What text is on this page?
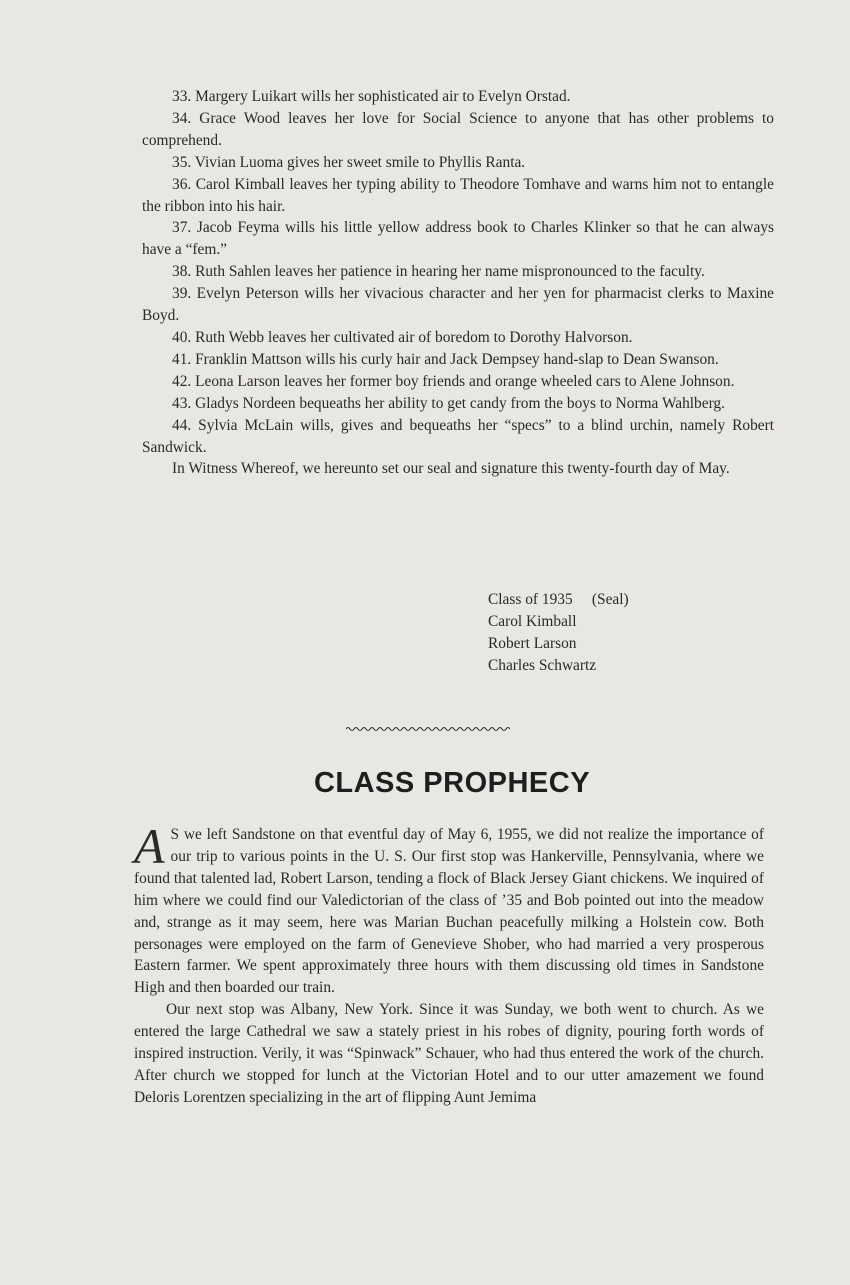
33. Margery Luikart wills her sophisticated air to Evelyn Orstad.

34. Grace Wood leaves her love for Social Science to anyone that has other problems to comprehend.

35. Vivian Luoma gives her sweet smile to Phyllis Ranta.

36. Carol Kimball leaves her typing ability to Theodore Tomhave and warns him not to entangle the ribbon into his hair.

37. Jacob Feyma wills his little yellow address book to Charles Klinker so that he can always have a “fem.”

38. Ruth Sahlen leaves her patience in hearing her name mispronounced to the faculty.

39. Evelyn Peterson wills her vivacious character and her yen for pharmacist clerks to Maxine Boyd.

40. Ruth Webb leaves her cultivated air of boredom to Dorothy Halvorson.

41. Franklin Mattson wills his curly hair and Jack Dempsey hand-slap to Dean Swanson.

42. Leona Larson leaves her former boy friends and orange wheeled cars to Alene Johnson.

43. Gladys Nordeen bequeaths her ability to get candy from the boys to Norma Wahlberg.

44. Sylvia McLain wills, gives and bequeaths her “specs” to a blind urchin, namely Robert Sandwick.

In Witness Whereof, we hereunto set our seal and signature this twenty-fourth day of May.

Class of 1935     (Seal)
Carol Kimball
Robert Larson
Charles Schwartz
CLASS PROPHECY

A S we left Sandstone on that eventful day of May 6, 1955, we did not realize the importance of our trip to various points in the U. S. Our first stop was Hankerville, Pennsylvania, where we found that talented lad, Robert Larson, tending a flock of Black Jersey Giant chickens. We inquired of him where we could find our Valedictorian of the class of ’35 and Bob pointed out into the meadow and, strange as it may seem, here was Marian Buchan peacefully milking a Holstein cow. Both personages were employed on the farm of Genevieve Shober, who had married a very prosperous Eastern farmer. We spent approximately three hours with them discussing old times in Sandstone High and then boarded our train.

Our next stop was Albany, New York. Since it was Sunday, we both went to church. As we entered the large Cathedral we saw a stately priest in his robes of dignity, pouring forth words of inspired instruction. Verily, it was “Spinwack” Schauer, who had thus entered the work of the church. After church we stopped for lunch at the Victorian Hotel and to our utter amazement we found Deloris Lorentzen specializing in the art of flipping Aunt Jemima
